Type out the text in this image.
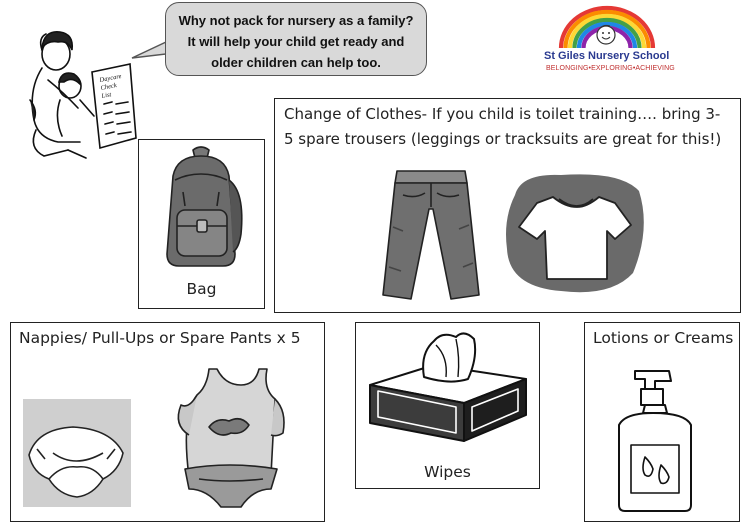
Why not pack for nursery as a family?
It will help your child get ready and
older children can help too.
Daycare
Check
List
St Giles Nursery School
BELONGING•EXPLORING•ACHIEVING
Bag
Change of Clothes- If you child is toilet training…. bring 3-
5 spare trousers (leggings or tracksuits are great for this!)
Nappies/ Pull-Ups or Spare Pants x 5
Wipes
Lotions or Creams
